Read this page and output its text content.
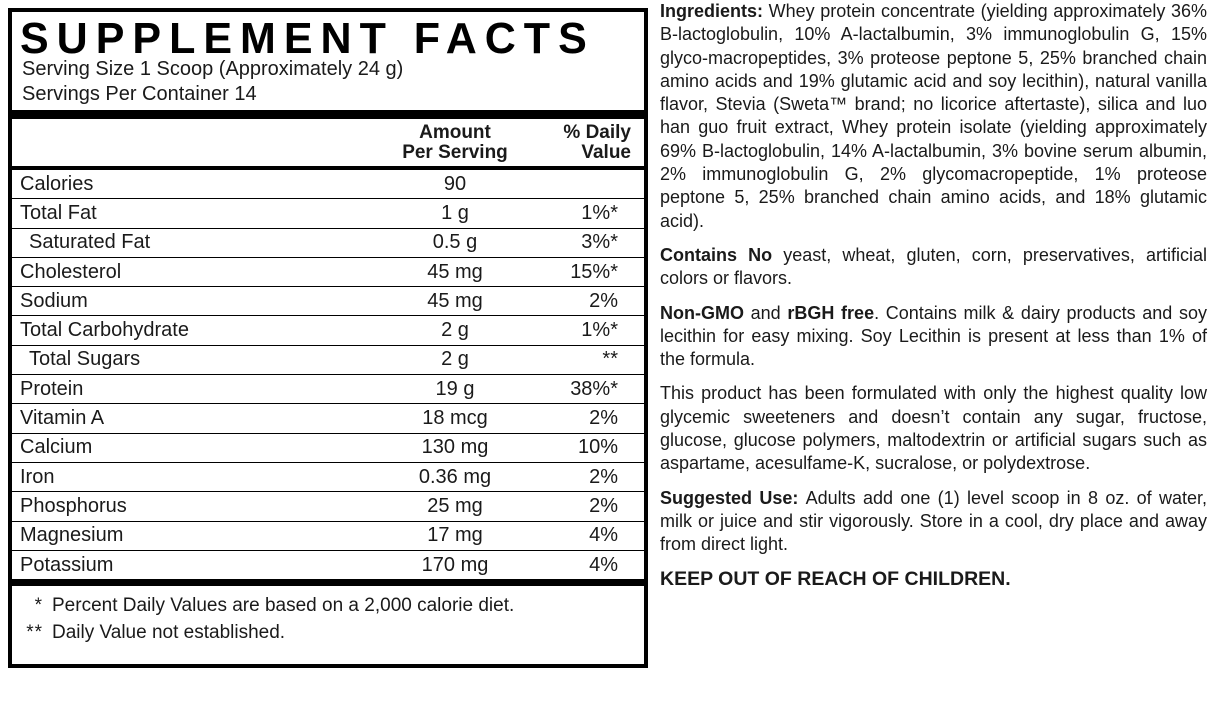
SUPPLEMENT FACTS
Serving Size 1 Scoop (Approximately 24 g)
Servings Per Container 14
Amount
Per Serving
% Daily
Value
Calories	90
Total Fat	1 g	1%*
Saturated Fat	0.5 g	3%*
Cholesterol	45 mg	15%*
Sodium	45 mg	2%
Total Carbohydrate	2 g	1%*
Total Sugars	2 g	**
Protein	19 g	38%*
Vitamin A	18 mcg	2%
Calcium	130 mg	10%
Iron	0.36 mg	2%
Phosphorus	25 mg	2%
Magnesium	17 mg	4%
Potassium	170 mg	4%
* Percent Daily Values are based on a 2,000 calorie diet.
** Daily Value not established.

Ingredients: Whey protein concentrate (yielding approximately 36% B-lactoglobulin, 10% A-lactalbumin, 3% immunoglobulin G, 15% glyco-macropeptides, 3% proteose peptone 5, 25% branched chain amino acids and 19% glutamic acid and soy lecithin), natural vanilla flavor, Stevia (Sweta™ brand; no licorice aftertaste), silica and luo han guo fruit extract, Whey protein isolate (yielding approximately 69% B-lactoglobulin, 14% A-lactalbumin, 3% bovine serum albumin, 2% immunoglobulin G, 2% glycomacropeptide, 1% proteose peptone 5, 25% branched chain amino acids, and 18% glutamic acid).

Contains No yeast, wheat, gluten, corn, preservatives, artificial colors or flavors.

Non-GMO and rBGH free. Contains milk & dairy products and soy lecithin for easy mixing. Soy Lecithin is present at less than 1% of the formula.

This product has been formulated with only the highest quality low glycemic sweeteners and doesn’t contain any sugar, fructose, glucose, glucose polymers, maltodextrin or artificial sugars such as aspartame, acesulfame-K, sucralose, or polydextrose.

Suggested Use: Adults add one (1) level scoop in 8 oz. of water, milk or juice and stir vigorously. Store in a cool, dry place and away from direct light.

KEEP OUT OF REACH OF CHILDREN.
